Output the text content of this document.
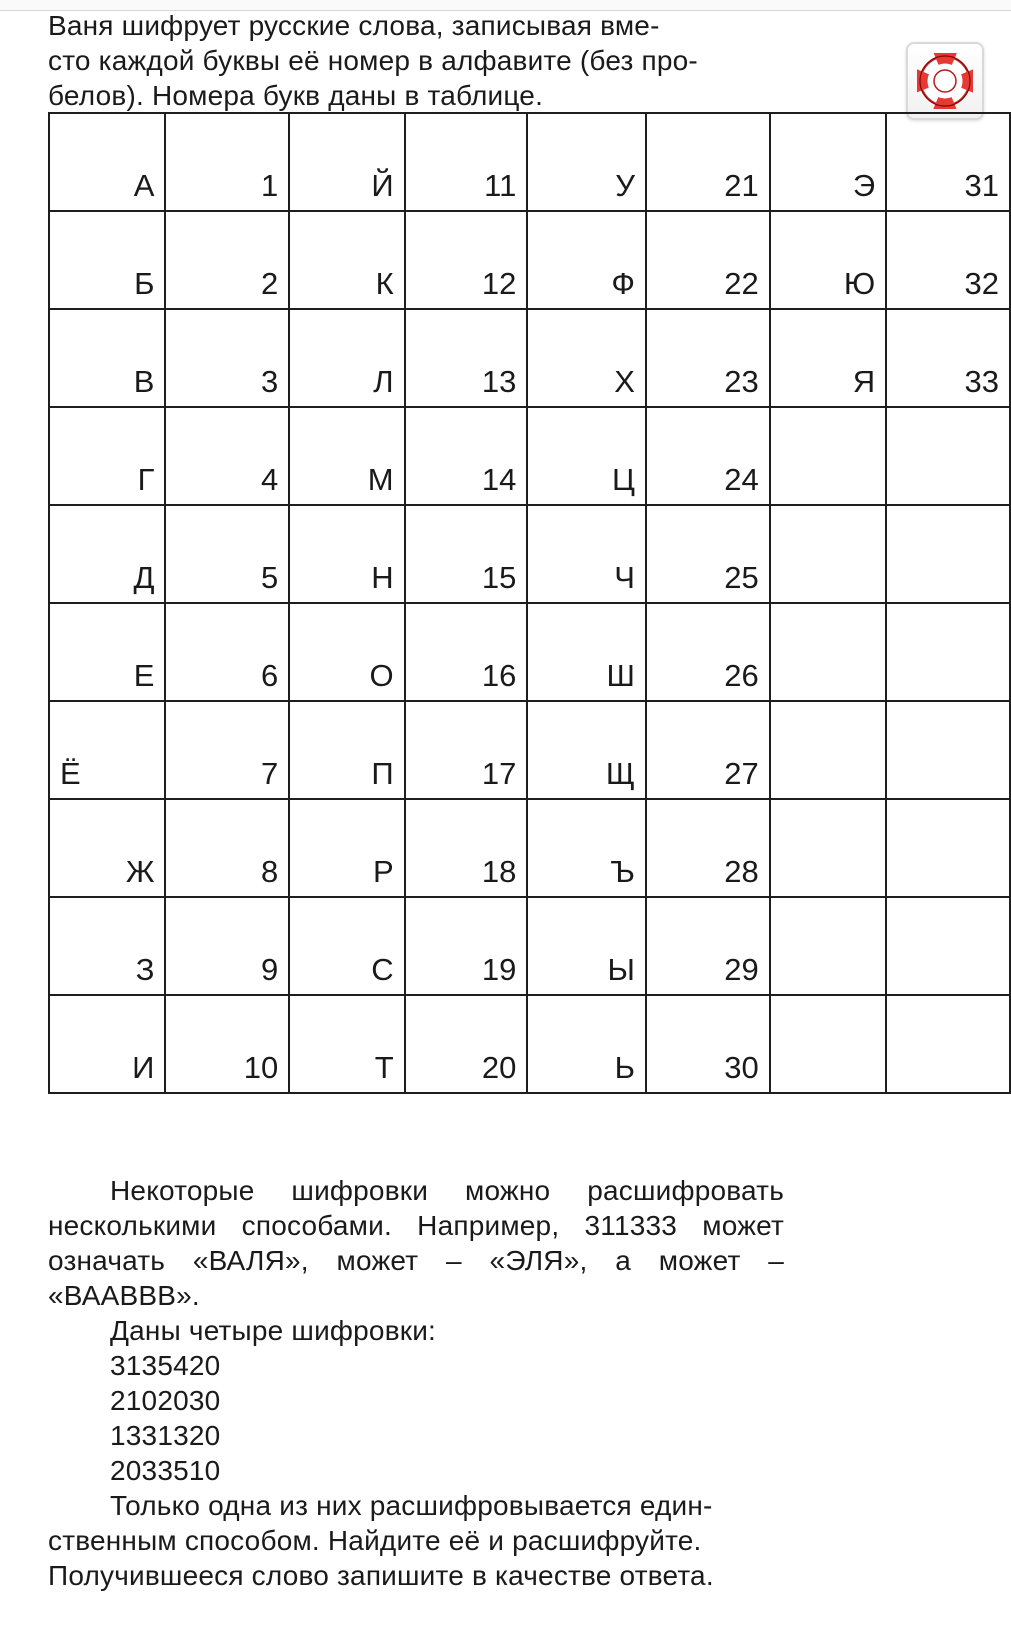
Ваня шифрует русские слова, записывая вме-
сто каждой буквы её номер в алфавите (без про-
белов). Номера букв даны в таблице.
А	1	Й	11	У	21	Э	31
Б	2	К	12	Ф	22	Ю	32
В	3	Л	13	Х	23	Я	33
Г	4	М	14	Ц	24		
Д	5	Н	15	Ч	25		
Е	6	О	16	Ш	26		
Ё	7	П	17	Щ	27		
Ж	8	Р	18	Ъ	28		
З	9	С	19	Ы	29		
И	10	Т	20	Ь	30		
Некоторые шифровки можно расшифровать несколькими способами. Например, 311333 может означать «ВАЛЯ», может – «ЭЛЯ», а может – «ВААВВВ».
Даны четыре шифровки:
3135420
2102030
1331320
2033510
Только одна из них расшифровывается един-
ственным способом. Найдите её и расшифруйте.
Получившееся слово запишите в качестве ответа.
